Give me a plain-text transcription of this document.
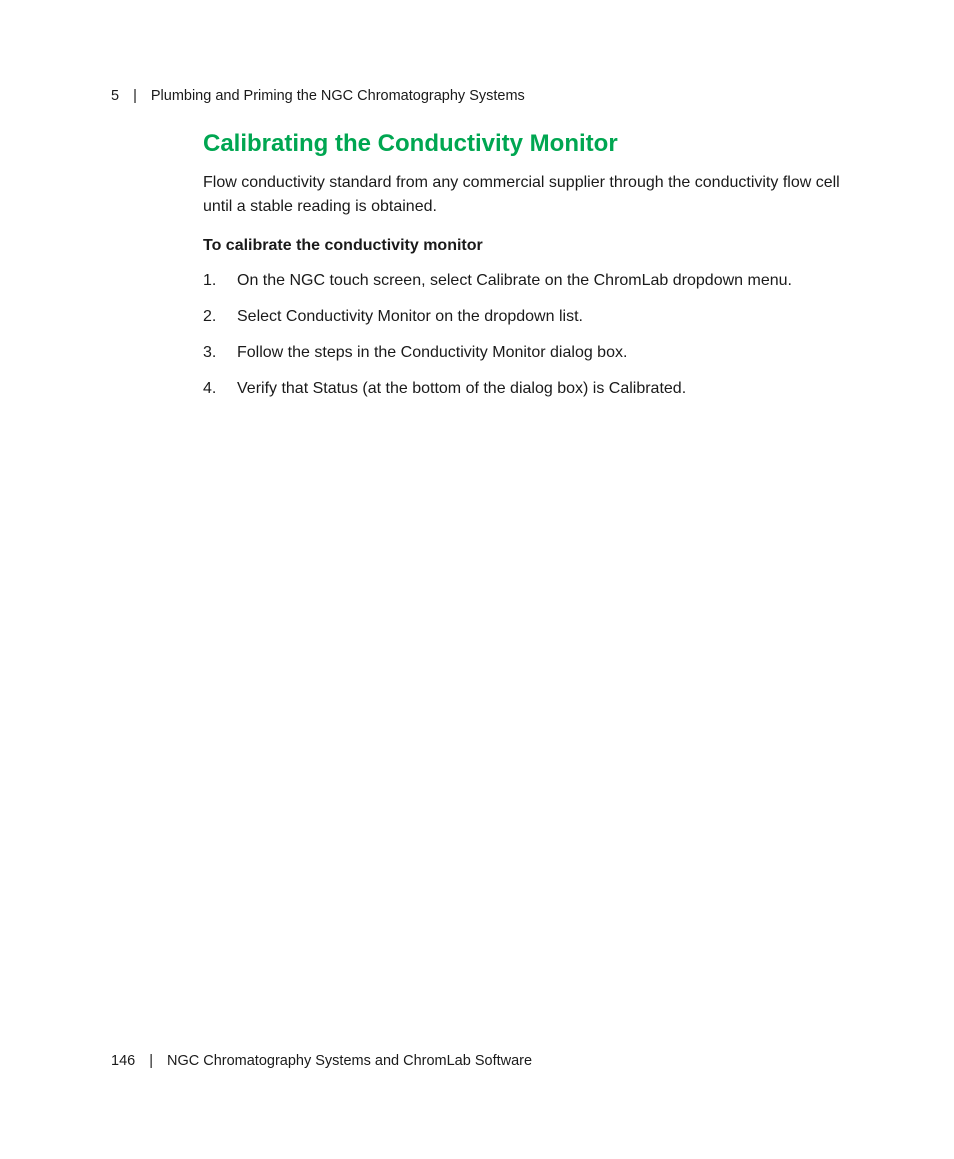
5 | Plumbing and Priming the NGC Chromatography Systems
Calibrating the Conductivity Monitor

Flow conductivity standard from any commercial supplier through the conductivity flow cell until a stable reading is obtained.

To calibrate the conductivity monitor
1.	On the NGC touch screen, select Calibrate on the ChromLab dropdown menu.
2.	Select Conductivity Monitor on the dropdown list.
3.	Follow the steps in the Conductivity Monitor dialog box.
4.	Verify that Status (at the bottom of the dialog box) is Calibrated.
146 | NGC Chromatography Systems and ChromLab Software
